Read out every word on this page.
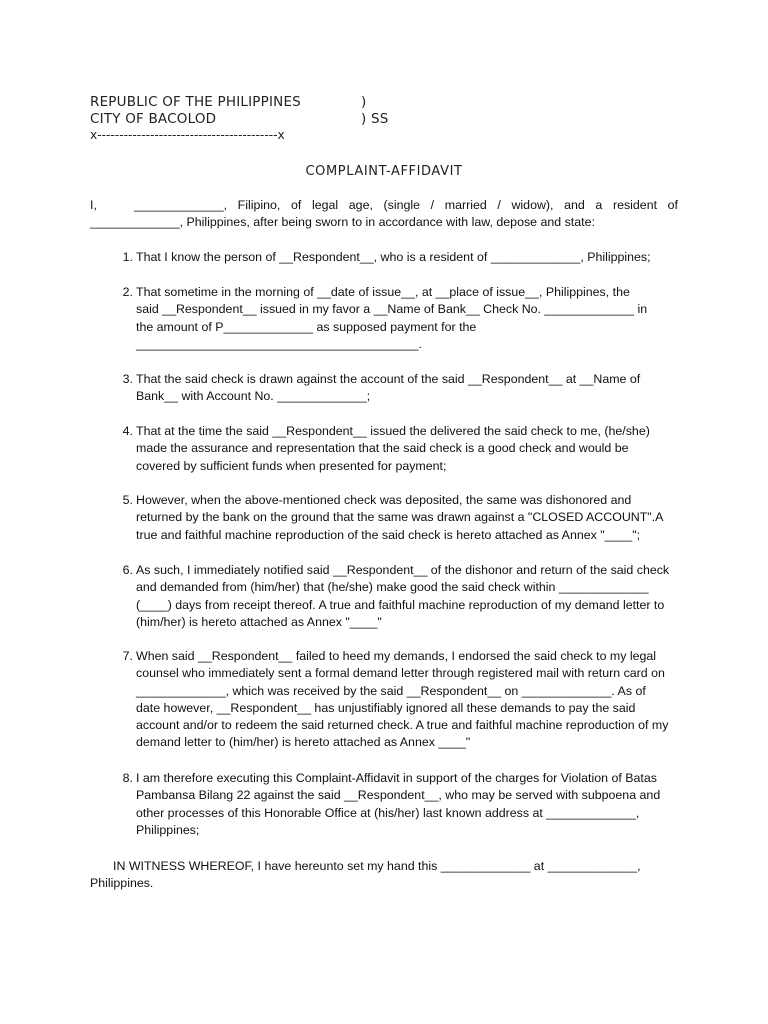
REPUBLIC OF THE PHILIPPINES	)
CITY OF BACOLOD	) SS
x-----------------------------------------x
COMPLAINT-AFFIDAVIT

I,	_____________, Filipino, of legal age, (single / married / widow), and a resident of _____________, Philippines, after being sworn to in accordance with law, depose and state:

1. That I know the person of __Respondent__, who is a resident of _____________, Philippines;
2. That sometime in the morning of __date of issue__, at __place of issue__, Philippines, the said __Respondent__ issued in my favor a __Name of Bank__ Check No. _____________ in the amount of P_____________ as supposed payment for the _________________________________________.
3. That the said check is drawn against the account of the said __Respondent__ at __Name of Bank__ with Account No. _____________;
4. That at the time the said __Respondent__ issued the delivered the said check to me, (he/she) made the assurance and representation that the said check is a good check and would be covered by sufficient funds when presented for payment;
5. However, when the above-mentioned check was deposited, the same was dishonored and returned by the bank on the ground that the same was drawn against a "CLOSED ACCOUNT".A true and faithful machine reproduction of the said check is hereto attached as Annex "____";
6. As such, I immediately notified said __Respondent__ of the dishonor and return of the said check and demanded from (him/her) that (he/she) make good the said check within _____________ (____) days from receipt thereof. A true and faithful machine reproduction of my demand letter to (him/her) is hereto attached as Annex "____"
7. When said __Respondent__ failed to heed my demands, I endorsed the said check to my legal counsel who immediately sent a formal demand letter through registered mail with return card on _____________, which was received by the said __Respondent__ on _____________. As of date however, __Respondent__ has unjustifiably ignored all these demands to pay the said account and/or to redeem the said returned check. A true and faithful machine reproduction of my demand letter to (him/her) is hereto attached as Annex ____"
8. I am therefore executing this Complaint-Affidavit in support of the charges for Violation of Batas Pambansa Bilang 22 against the said __Respondent__, who may be served with subpoena and other processes of this Honorable Office at (his/her) last known address at _____________, Philippines;

IN WITNESS WHEREOF, I have hereunto set my hand this _____________ at _____________, Philippines.
